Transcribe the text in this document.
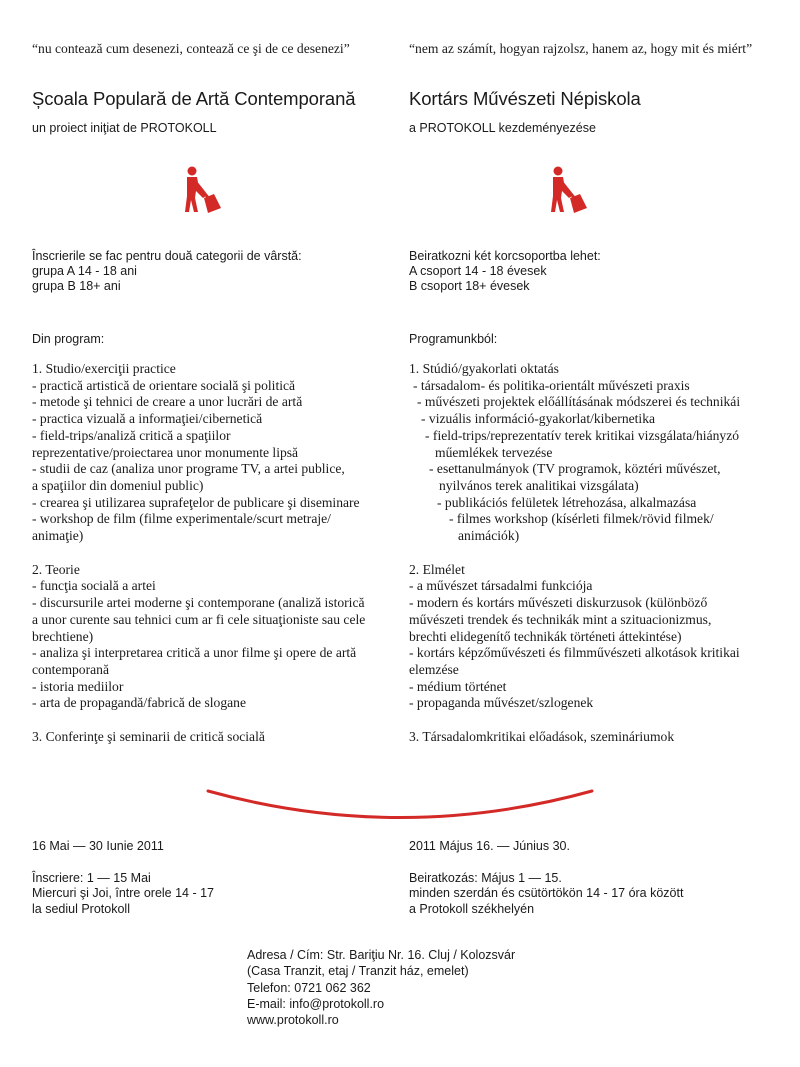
“nu contează cum desenezi, contează ce şi de ce desenezi”
Școala Populară de Artă Contemporană
un proiect iniţiat de PROTOKOLL
Înscrierile se fac pentru două categorii de vârstă:
grupa A 14 - 18 ani
grupa B 18+ ani
Din program:
1. Studio/exerciţii practice
- practică artistică de orientare socială şi politică
- metode şi tehnici de creare a unor lucrări de artă
- practica vizuală a informaţiei/cibernetică
- field-trips/analiză critică a spaţiilor
reprezentative/proiectarea unor monumente lipsă
- studii de caz (analiza unor programe TV, a artei publice,
a spaţiilor din domeniul public)
- crearea şi utilizarea suprafeţelor de publicare şi diseminare
- workshop de film (filme experimentale/scurt metraje/
animaţie)
2. Teorie
- funcţia socială a artei
- discursurile artei moderne şi contemporane (analiză istorică
a unor curente sau tehnici cum ar fi cele situaţioniste sau cele
brechtiene)
- analiza şi interpretarea critică a unor filme şi opere de artă
contemporană
- istoria mediilor
- arta de propagandă/fabrică de slogane
3. Conferinţe şi seminarii de critică socială
16 Mai — 30 Iunie 2011
Înscriere: 1 — 15 Mai
Miercuri şi Joi, între orele 14 - 17
la sediul Protokoll
“nem az számít, hogyan rajzolsz, hanem az, hogy mit és miért”
Kortárs Művészeti Népiskola
a PROTOKOLL kezdeményezése
Beiratkozni két korcsoportba lehet:
A csoport 14 - 18 évesek
B csoport 18+ évesek
Programunkból:
1. Stúdió/gyakorlati oktatás
- társadalom- és politika-orientált művészeti praxis
- művészeti projektek előállításának módszerei és technikái
- vizuális információ-gyakorlat/kibernetika
- field-trips/reprezentatív terek kritikai vizsgálata/hiányzó
műemlékek tervezése
- esettanulmányok (TV programok, köztéri művészet,
nyilvános terek analitikai vizsgálata)
- publikációs felületek létrehozása, alkalmazása
- filmes workshop (kísérleti filmek/rövid filmek/
animációk)
2. Elmélet
- a művészet társadalmi funkciója
- modern és kortárs művészeti diskurzusok (különböző
művészeti trendek és technikák mint a szituacionizmus,
brechti elidegenítő technikák történeti áttekintése)
- kortárs képzőművészeti és filmművészeti alkotások kritikai
elemzése
- médium történet
- propaganda művészet/szlogenek
3. Társadalomkritikai előadások, szemináriumok
2011 Május 16. — Június 30.
Beiratkozás: Május 1 — 15.
minden szerdán és csütörtökön 14 - 17 óra között
a Protokoll székhelyén
Adresa / Cím: Str. Bariţiu Nr. 16. Cluj / Kolozsvár
(Casa Tranzit, etaj / Tranzit ház, emelet)
Telefon: 0721 062 362
E-mail: info@protokoll.ro
www.protokoll.ro
